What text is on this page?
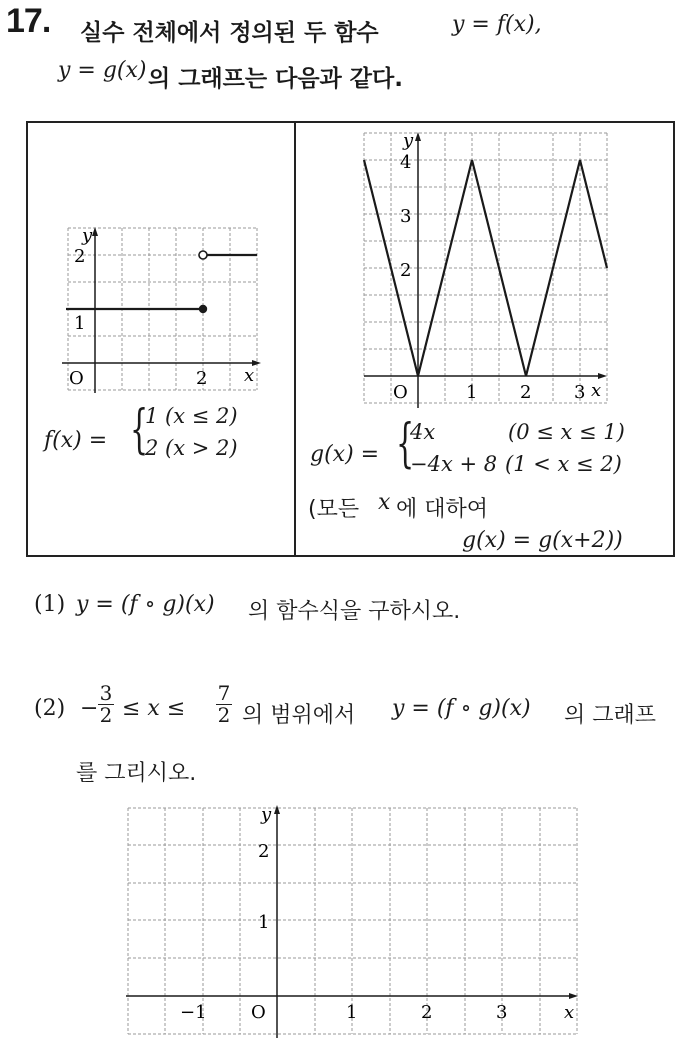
17. 실수 전체에서 정의된 두 함수	y = f(x),
y = g(x) 의 그래프는 다음과 같다.
y
x
O
2
1
2
f(x) = {
1 (x ≤ 2)
2 (x > 2)
y
x
O
4
3
2
1 2 3
g(x) = {
4x	(0 ≤ x ≤ 1)
−4x + 8 (1 < x ≤ 2)
(모든 x 에 대하여
g(x) = g(x+2))
(1) y = (f ∘ g)(x) 의 함수식을 구하시오.
(2) −
3
2 ≤ x ≤
7
2 의 범위에서 y = (f ∘ g)(x) 의 그래프
를 그리시오.
y
x
O
2
1
−1	1	2	3
